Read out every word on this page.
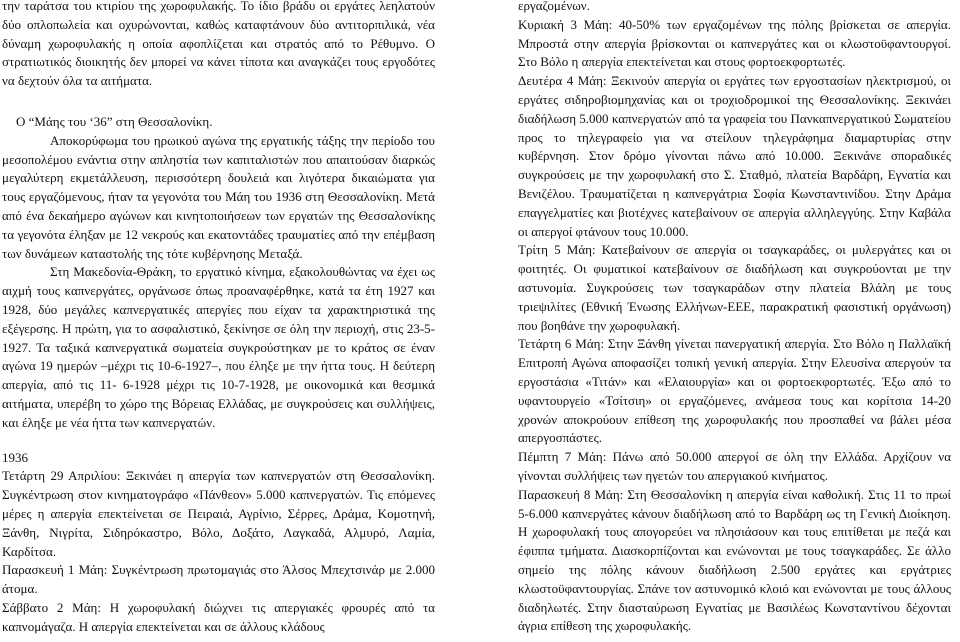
την ταράτσα του κτιρίου της χωροφυλακής. Το ίδιο βράδυ οι εργάτες λεηλατούν δύο οπλοπωλεία και οχυρώνονται, καθώς καταφτάνουν δύο αντιτορπιλικά, νέα δύναμη χωροφυλακής η οποία αφοπλίζεται και στρατός από το Ρέθυμνο. Ο στρατιωτικός διοικητής δεν μπορεί να κάνει τίποτα και αναγκάζει τους εργοδότες να δεχτούν όλα τα αιτήματα.

Ο “Μάης του ‘36” στη Θεσσαλονίκη.

Αποκορύφωμα του ηρωικού αγώνα της εργατικής τάξης την περίοδο του μεσοπολέμου ενάντια στην απληστία των καπιταλιστών που απαιτούσαν διαρκώς μεγαλύτερη εκμετάλλευση, περισσότερη δουλειά και λιγότερα δικαιώματα για τους εργαζόμενους, ήταν τα γεγονότα του Μάη του 1936 στη Θεσσαλονίκη. Μετά από ένα δεκαήμερο αγώνων και κινητοποιήσεων των εργατών της Θεσσαλονίκης τα γεγονότα έληξαν με 12 νεκρούς και εκατοντάδες τραυματίες από την επέμβαση των δυνάμεων καταστολής της τότε κυβέρνησης Μεταξά.

Στη Μακεδονία-Θράκη, το εργατικό κίνημα, εξακολουθώντας να έχει ως αιχμή τους καπνεργάτες, οργάνωσε όπως προαναφέρθηκε, κατά τα έτη 1927 και 1928, δύο μεγάλες καπνεργατικές απεργίες που είχαν τα χαρακτηριστικά της εξέγερσης. Η πρώτη, για το ασφαλιστικό, ξεκίνησε σε όλη την περιοχή, στις 23-5-1927. Τα ταξικά καπνεργατικά σωματεία συγκρούστηκαν με το κράτος σε έναν αγώνα 19 ημερών –μέχρι τις 10-6-1927–, που έληξε με την ήττα τους. Η δεύτερη απεργία, από τις 11- 6-1928 μέχρι τις 10-7-1928, με οικονομικά και θεσμικά αιτήματα, υπερέβη το χώρο της Βόρειας Ελλάδας, με συγκρούσεις και συλλήψεις, και έληξε με νέα ήττα των καπνεργατών.

1936

Τετάρτη 29 Απριλίου: Ξεκινάει η απεργία των καπνεργατών στη Θεσσαλονίκη. Συγκέντρωση στον κινηματογράφο «Πάνθεον» 5.000 καπνεργατών. Τις επόμενες μέρες η απεργία επεκτείνεται σε Πειραιά, Αγρίνιο, Σέρρες, Δράμα, Κομοτηνή, Ξάνθη, Νιγρίτα, Σιδηρόκαστρο, Βόλο, Δοξάτο, Λαγκαδά, Αλμυρό, Λαμία, Καρδίτσα.

Παρασκευή 1 Μάη: Συγκέντρωση πρωτομαγιάς στο Άλσος Μπεχτσινάρ με 2.000 άτομα.

Σάββατο 2 Μάη: Η χωροφυλακή διώχνει τις απεργιακές φρουρές από τα καπνομάγαζα. Η απεργία επεκτείνεται και σε άλλους κλάδους

εργαζομένων.

Κυριακή 3 Μάη: 40-50% των εργαζομένων της πόλης βρίσκεται σε απεργία. Μπροστά στην απεργία βρίσκονται οι καπνεργάτες και οι κλωστοϋφαντουργοί. Στο Βόλο η απεργία επεκτείνεται και στους φορτοεκφορτωτές.

Δευτέρα 4 Μάη: Ξεκινούν απεργία οι εργάτες των εργοστασίων ηλεκτρισμού, οι εργάτες σιδηροβιομηχανίας και οι τροχιοδρομικοί της Θεσσαλονίκης. Ξεκινάει διαδήλωση 5.000 καπνεργατών από τα γραφεία του Πανκαπνεργατικού Σωματείου προς το τηλεγραφείο για να στείλουν τηλεγράφημα διαμαρτυρίας στην κυβέρνηση. Στον δρόμο γίνονται πάνω από 10.000. Ξεκινάνε σποραδικές συγκρούσεις με την χωροφυλακή στο Σ. Σταθμό, πλατεία Βαρδάρη, Εγνατία και Βενιζέλου. Τραυματίζεται η καπνεργάτρια Σοφία Κωνσταντινίδου. Στην Δράμα επαγγελματίες και βιοτέχνες κατεβαίνουν σε απεργία αλληλεγγύης. Στην Καβάλα οι απεργοί φτάνουν τους 10.000.

Τρίτη 5 Μάη: Κατεβαίνουν σε απεργία οι τσαγκαράδες, οι μυλεργάτες και οι φοιτητές. Οι φυματικοί κατεβαίνουν σε διαδήλωση και συγκρούονται με την αστυνομία. Συγκρούσεις των τσαγκαράδων στην πλατεία Βλάλη με τους τριεψιλίτες (Εθνική Ένωσης Ελλήνων-ΕΕΕ, παρακρατική φασιστική οργάνωση) που βοηθάνε την χωροφυλακή.

Τετάρτη 6 Μάη: Στην Ξάνθη γίνεται πανεργατική απεργία. Στο Βόλο η Παλλαϊκή Επιτροπή Αγώνα αποφασίζει τοπική γενική απεργία. Στην Ελευσίνα απεργούν τα εργοστάσια «Τιτάν» και «Ελαιουργία» και οι φορτοεκφορτωτές. Έξω από το υφαντουργείο «Τσίτσιη» οι εργαζόμενες, ανάμεσα τους και κορίτσια 14-20 χρονών αποκρούουν επίθεση της χωροφυλακής που προσπαθεί να βάλει μέσα απεργοσπάστες.

Πέμπτη 7 Μάη: Πάνω από 50.000 απεργοί σε όλη την Ελλάδα. Αρχίζουν να γίνονται συλλήψεις των ηγετών του απεργιακού κινήματος.

Παρασκευή 8 Μάη: Στη Θεσσαλονίκη η απεργία είναι καθολική. Στις 11 το πρωί 5-6.000 καπνεργάτες κάνουν διαδήλωση από το Βαρδάρη ως τη Γενική Διοίκηση. Η χωροφυλακή τους απογορεύει να πλησιάσουν και τους επιτίθεται με πεζά και έφιππα τμήματα. Διασκορπίζονται και ενώνονται με τους τσαγκαράδες. Σε άλλο σημείο της πόλης κάνουν διαδήλωση 2.500 εργάτες και εργάτριες κλωστοϋφαντουργίας. Σπάνε τον αστυνομικό κλοιό και ενώνονται με τους άλλους διαδηλωτές. Στην διασταύρωση Εγνατίας με Βασιλέως Κωνσταντίνου δέχονται άγρια επίθεση της χωροφυλακής.
